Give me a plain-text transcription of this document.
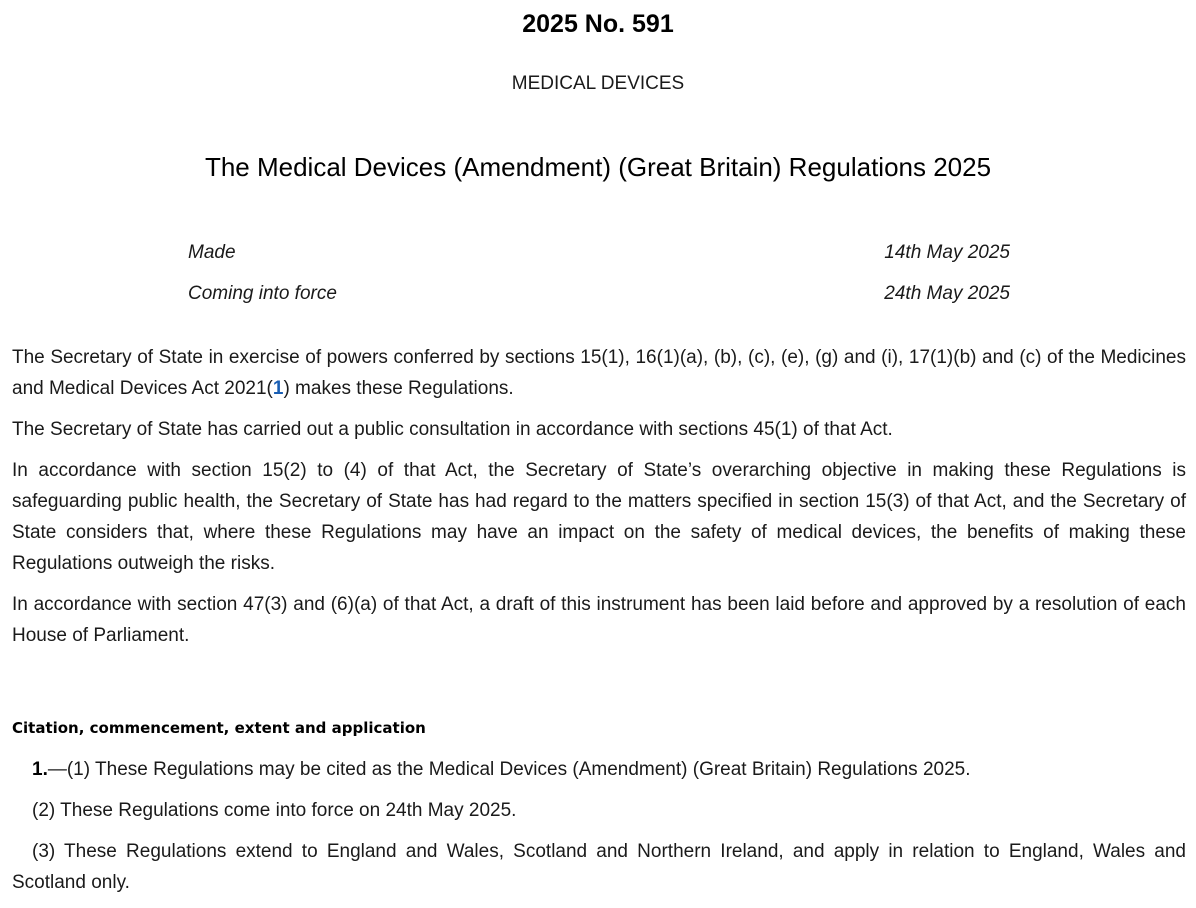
2025 No. 591
MEDICAL DEVICES
The Medical Devices (Amendment) (Great Britain) Regulations 2025
Made	14th May 2025
Coming into force	24th May 2025

The Secretary of State in exercise of powers conferred by sections 15(1), 16(1)(a), (b), (c), (e), (g) and (i), 17(1)(b) and (c) of the Medicines and Medical Devices Act 2021(1) makes these Regulations.

The Secretary of State has carried out a public consultation in accordance with sections 45(1) of that Act.

In accordance with section 15(2) to (4) of that Act, the Secretary of State’s overarching objective in making these Regulations is safeguarding public health, the Secretary of State has had regard to the matters specified in section 15(3) of that Act, and the Secretary of State considers that, where these Regulations may have an impact on the safety of medical devices, the benefits of making these Regulations outweigh the risks.

In accordance with section 47(3) and (6)(a) of that Act, a draft of this instrument has been laid before and approved by a resolution of each House of Parliament.

Citation, commencement, extent and application

1.—(1) These Regulations may be cited as the Medical Devices (Amendment) (Great Britain) Regulations 2025.

(2) These Regulations come into force on 24th May 2025.

(3) These Regulations extend to England and Wales, Scotland and Northern Ireland, and apply in relation to England, Wales and Scotland only.
